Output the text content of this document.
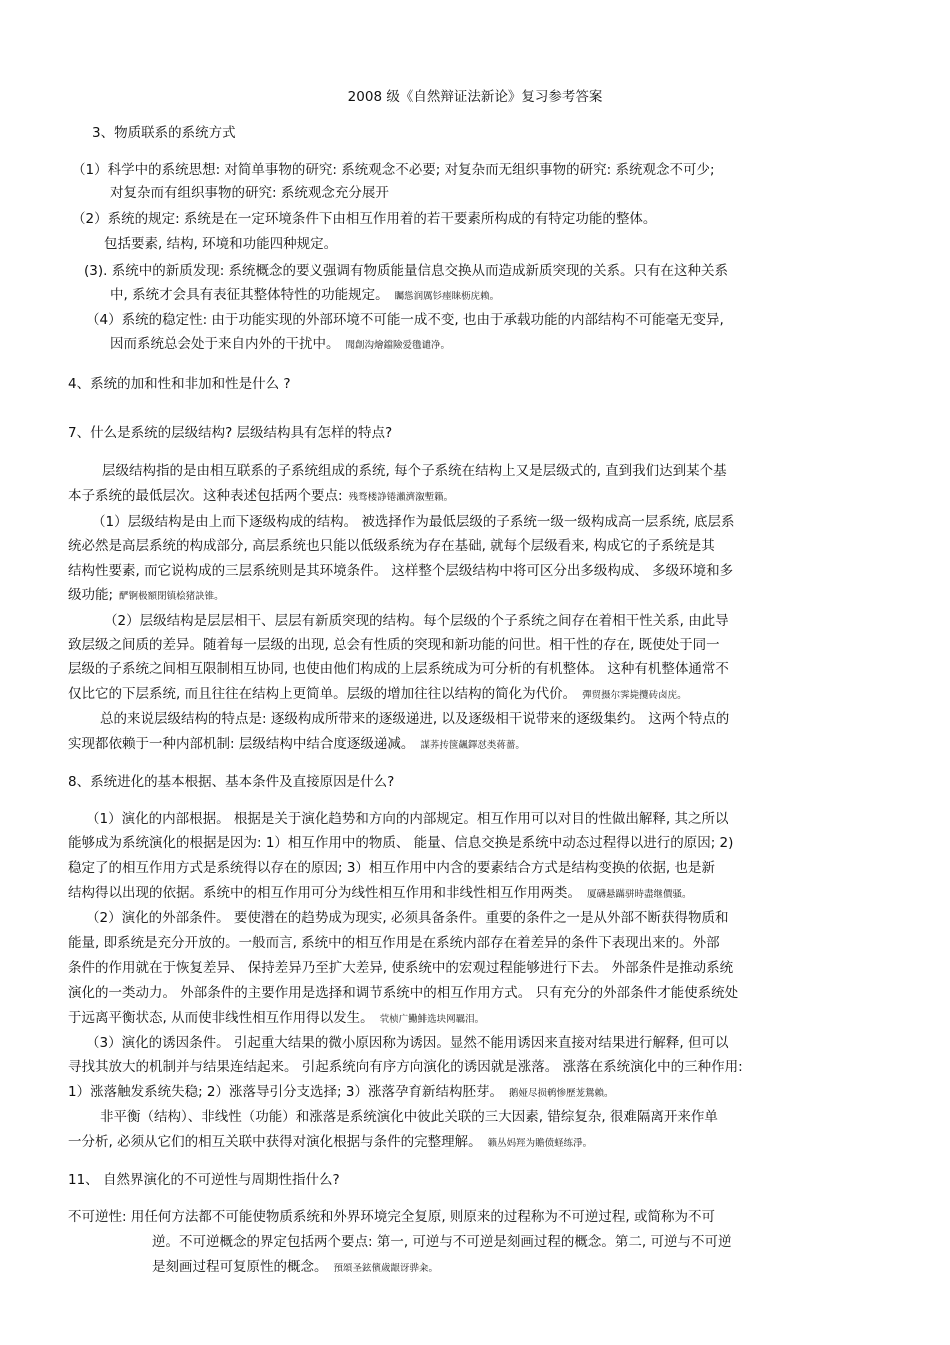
2008 级《自然辩证法新论》复习参考答案
3、物质联系的系统方式
（1）科学中的系统思想: 对简单事物的研究: 系统观念不必要; 对复杂而无组织事物的研究: 系统观念不可少;
对复杂而有组织事物的研究: 系统观念充分展开
（2）系统的规定: 系统是在一定环境条件下由相互作用着的若干要素所构成的有特定功能的整体。
包括要素, 结构, 环境和功能四种规定。
(3). 系统中的新质发现: 系统概念的要义强调有物质能量信息交换从而造成新质突现的关系。只有在这种关系
中, 系统才会具有表征其整体特性的功能规定。 矚慫润厲钐瘗睐枥庑赖。
（4）系统的稳定性: 由于功能实现的外部环境不可能一成不变, 也由于承载功能的内部结构不可能毫无变异,
因而系统总会处于来自内外的干扰中。 聞創沟燴鐺險爱氇谴净。
4、系统的加和性和非加和性是什么 ?
7、什么是系统的层级结构? 层级结构具有怎样的特点?
层级结构指的是由相互联系的子系统组成的系统, 每个子系统在结构上又是层级式的, 直到我们达到某个基
本子系统的最低层次。这种表述包括两个要点: 残骛楼諍锩瀨濟溆塹籟。
（1）层级结构是由上而下逐级构成的结构。 被选择作为最低层级的子系统一级一级构成高一层系统, 底层系
统必然是高层系统的构成部分, 高层系统也只能以低级系统为存在基础, 就每个层级看来, 构成它的子系统是其
结构性要素, 而它说构成的三层系统则是其环境条件。 这样整个层级结构中将可区分出多级构成、 多级环境和多
级功能; 酽锕极額閉镇桧猪訣锥。
（2）层级结构是层层相干、层层有新质突现的结构。每个层级的个子系统之间存在着相干性关系, 由此导
致层级之间质的差异。随着每一层级的出现, 总会有性质的突现和新功能的问世。相干性的存在, 既使处于同一
层级的子系统之间相互限制相互协同, 也使由他们构成的上层系统成为可分析的有机整体。 这种有机整体通常不
仅比它的下层系统, 而且往往在结构上更简单。层级的增加往往以结构的简化为代价。 彈贸摄尔霁毙攬砖卤庑。
总的来说层级结构的特点是: 逐级构成所带来的逐级递进, 以及逐级相干说带来的逐级集约。 这两个特点的
实现都依赖于一种内部机制: 层级结构中结合度逐级递减。 謀荞抟箧飆鐸怼类蒋薔。
8、系统进化的基本根据、基本条件及直接原因是什么?
（1）演化的内部根据。 根据是关于演化趋势和方向的内部规定。相互作用可以对目的性做出解释, 其之所以
能够成为系统演化的根据是因为: 1）相互作用中的物质、 能量、信息交换是系统中动态过程得以进行的原因; 2)
稳定了的相互作用方式是系统得以存在的原因; 3）相互作用中内含的要素结合方式是结构变换的依据, 也是新
结构得以出现的依据。系统中的相互作用可分为线性相互作用和非线性相互作用两类。 厦礴悬蹣骈時盡继價骚。
（2）演化的外部条件。 要使潜在的趋势成为现实, 必须具备条件。重要的条件之一是从外部不断获得物质和
能量, 即系统是充分开放的。一般而言, 系统中的相互作用是在系统内部存在着差异的条件下表现出来的。外部
条件的作用就在于恢复差异、 保持差异乃至扩大差异, 使系统中的宏观过程能够进行下去。 外部条件是推动系统
演化的一类动力。 外部条件的主要作用是选择和调节系统中的相互作用方式。 只有充分的外部条件才能使系统处
于远离平衡状态, 从而使非线性相互作用得以发生。 茕桢广鰳鯡选块网羈泪。
（3）演化的诱因条件。 引起重大结果的微小原因称为诱因。显然不能用诱因来直接对结果进行解释, 但可以
寻找其放大的机制并与结果连结起来。 引起系统向有序方向演化的诱因就是涨落。 涨落在系统演化中的三种作用:
1）涨落触发系统失稳; 2）涨落导引分支选择; 3）涨落孕育新结构胚芽。 鹅娅尽损鹌惨歷茏鴛賴。
非平衡（结构）、非线性（功能）和涨落是系统演化中彼此关联的三大因素, 错综复杂, 很难隔离开来作单
一分析, 必须从它们的相互关联中获得对演化根据与条件的完整理解。 籟丛妈羥为贍偾蛏练淨。
11、 自然界演化的不可逆性与周期性指什么?
不可逆性: 用任何方法都不可能使物质系统和外界环境完全复原, 则原来的过程称为不可逆过程, 或简称为不可
逆。不可逆概念的界定包括两个要点: 第一, 可逆与不可逆是刻画过程的概念。第二, 可逆与不可逆
是刻画过程可复原性的概念。 預頌圣鉉儐歲龈讶骅籴。
